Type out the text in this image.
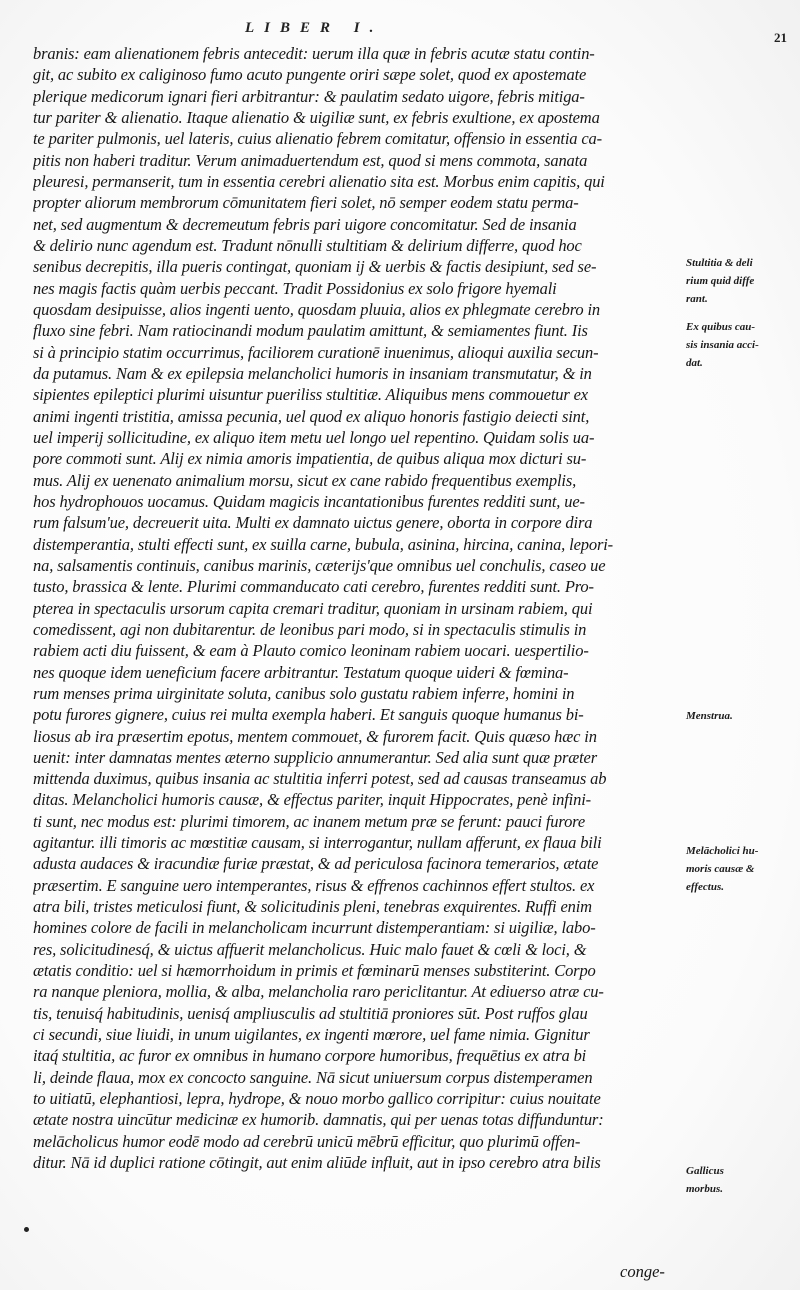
LIBER I.
21
branis: eam alienationem febris antecedit: uerum illa quæ in febris acutæ statu contin-
git, ac subito ex caliginoso fumo acuto pungente oriri sæpe solet, quod ex apostemate
plerique medicorum ignari fieri arbitrantur: & paulatim sedato uigore, febris mitiga-
tur pariter & alienatio. Itaque alienatio & uigiliæ sunt, ex febris exultione, ex apostema
te pariter pulmonis, uel lateris, cuius alienatio febrem comitatur, offensio in essentia ca-
pitis non haberi traditur. Verum animaduertendum est, quod si mens commota, sanata
pleuresi, permanserit, tum in essentia cerebri alienatio sita est. Morbus enim capitis, qui
propter aliorum membrorum cōmunitatem fieri solet, nō semper eodem statu perma-
net, sed augmentum & decremeutum febris pari uigore concomitatur. Sed de insania
& delirio nunc agendum est. Tradunt nōnulli stultitiam & delirium differre, quod hoc
senibus decrepitis, illa pueris contingat, quoniam ij & uerbis & factis desipiunt, sed se-
nes magis factis quàm uerbis peccant. Tradit Possidonius ex solo frigore hyemali
quosdam desipuisse, alios ingenti uento, quosdam pluuia, alios ex phlegmate cerebro in
fluxo sine febri. Nam ratiocinandi modum paulatim amittunt, & semiamentes fiunt. Iis
si à principio statim occurrimus, faciliorem curationē inuenimus, alioqui auxilia secun-
da putamus. Nam & ex epilepsia melancholici humoris in insaniam transmutatur, & in
sipientes epileptici plurimi uisuntur pueriliss stultitiæ. Aliquibus mens commouetur ex
animi ingenti tristitia, amissa pecunia, uel quod ex aliquo honoris fastigio deiecti sint,
uel imperij sollicitudine, ex aliquo item metu uel longo uel repentino. Quidam solis ua-
pore commoti sunt. Alij ex nimia amoris impatientia, de quibus aliqua mox dicturi su-
mus. Alij ex uenenato animalium morsu, sicut ex cane rabido frequentibus exemplis,
hos hydrophouos uocamus. Quidam magicis incantationibus furentes redditi sunt, ue-
rum falsum'ue, decreuerit uita. Multi ex damnato uictus genere, oborta in corpore dira
distemperantia, stulti effecti sunt, ex suilla carne, bubula, asinina, hircina, canina, lepori-
na, salsamentis continuis, canibus marinis, cæterijs'que omnibus uel conchulis, caseo ue
tusto, brassica & lente. Plurimi commanducato cati cerebro, furentes redditi sunt. Pro-
pterea in spectaculis ursorum capita cremari traditur, quoniam in ursinam rabiem, qui
comedissent, agi non dubitarentur. de leonibus pari modo, si in spectaculis stimulis in
rabiem acti diu fuissent, & eam à Plauto comico leoninam rabiem uocari. uespertilio-
nes quoque idem ueneficium facere arbitrantur. Testatum quoque uideri & fœmina-
rum menses prima uirginitate soluta, canibus solo gustatu rabiem inferre, homini in
potu furores gignere, cuius rei multa exempla haberi. Et sanguis quoque humanus bi-
liosus ab ira præsertim epotus, mentem commouet, & furorem facit. Quis quæso hæc in
uenit: inter damnatas mentes æterno supplicio annumerantur. Sed alia sunt quæ præter
mittenda duximus, quibus insania ac stultitia inferri potest, sed ad causas transeamus ab
ditas. Melancholici humoris causæ, & effectus pariter, inquit Hippocrates, penè infini-
ti sunt, nec modus est: plurimi timorem, ac inanem metum præ se ferunt: pauci furore
agitantur. illi timoris ac mœstitiæ causam, si interrogantur, nullam afferunt, ex flaua bili
adusta audaces & iracundiæ furiæ præstat, & ad periculosa facinora temerarios, ætate
præsertim. E sanguine uero intemperantes, risus & effrenos cachinnos effert stultos. ex
atra bili, tristes meticulosi fiunt, & solicitudinis pleni, tenebras exquirentes. Ruffi enim
homines colore de facili in melancholicam incurrunt distemperantiam: si uigiliæ, labo-
res, solicitudinesq́, & uictus affuerit melancholicus. Huic malo fauet & cœli & loci, &
ætatis conditio: uel si hæmorrhoidum in primis et fœminarū menses substiterint. Corpo
ra nanque pleniora, mollia, & alba, melancholia raro periclitantur. At ediuerso atræ cu-
tis, tenuisq́ habitudinis, uenisq́ ampliusculis ad stultitiā proniores sūt. Post ruffos glau
ci secundi, siue liuidi, in unum uigilantes, ex ingenti mœrore, uel fame nimia. Gignitur
itaq́ stultitia, ac furor ex omnibus in humano corpore humoribus, frequētius ex atra bi
li, deinde flaua, mox ex concocto sanguine. Nā sicut uniuersum corpus distemperamen
to uitiatū, elephantiosi, lepra, hydrope, & nouo morbo gallico corripitur: cuius nouitate
ætate nostra uincūtur medicinæ ex humorib. damnatis, qui per uenas totas diffunduntur:
melācholicus humor eodē modo ad cerebrū unicū mēbrū efficitur, quo plurimū offen-
ditur. Nā id duplici ratione cōtingit, aut enim aliūde influit, aut in ipso cerebro atra bilis
conge-
Stultitia & deli
rium quid diffe
rant.
Ex quibus cau-
sis insania acci-
dat.
Menstrua.
Melācholici hu-
moris causæ &
effectus.
Gallicus morbus.
